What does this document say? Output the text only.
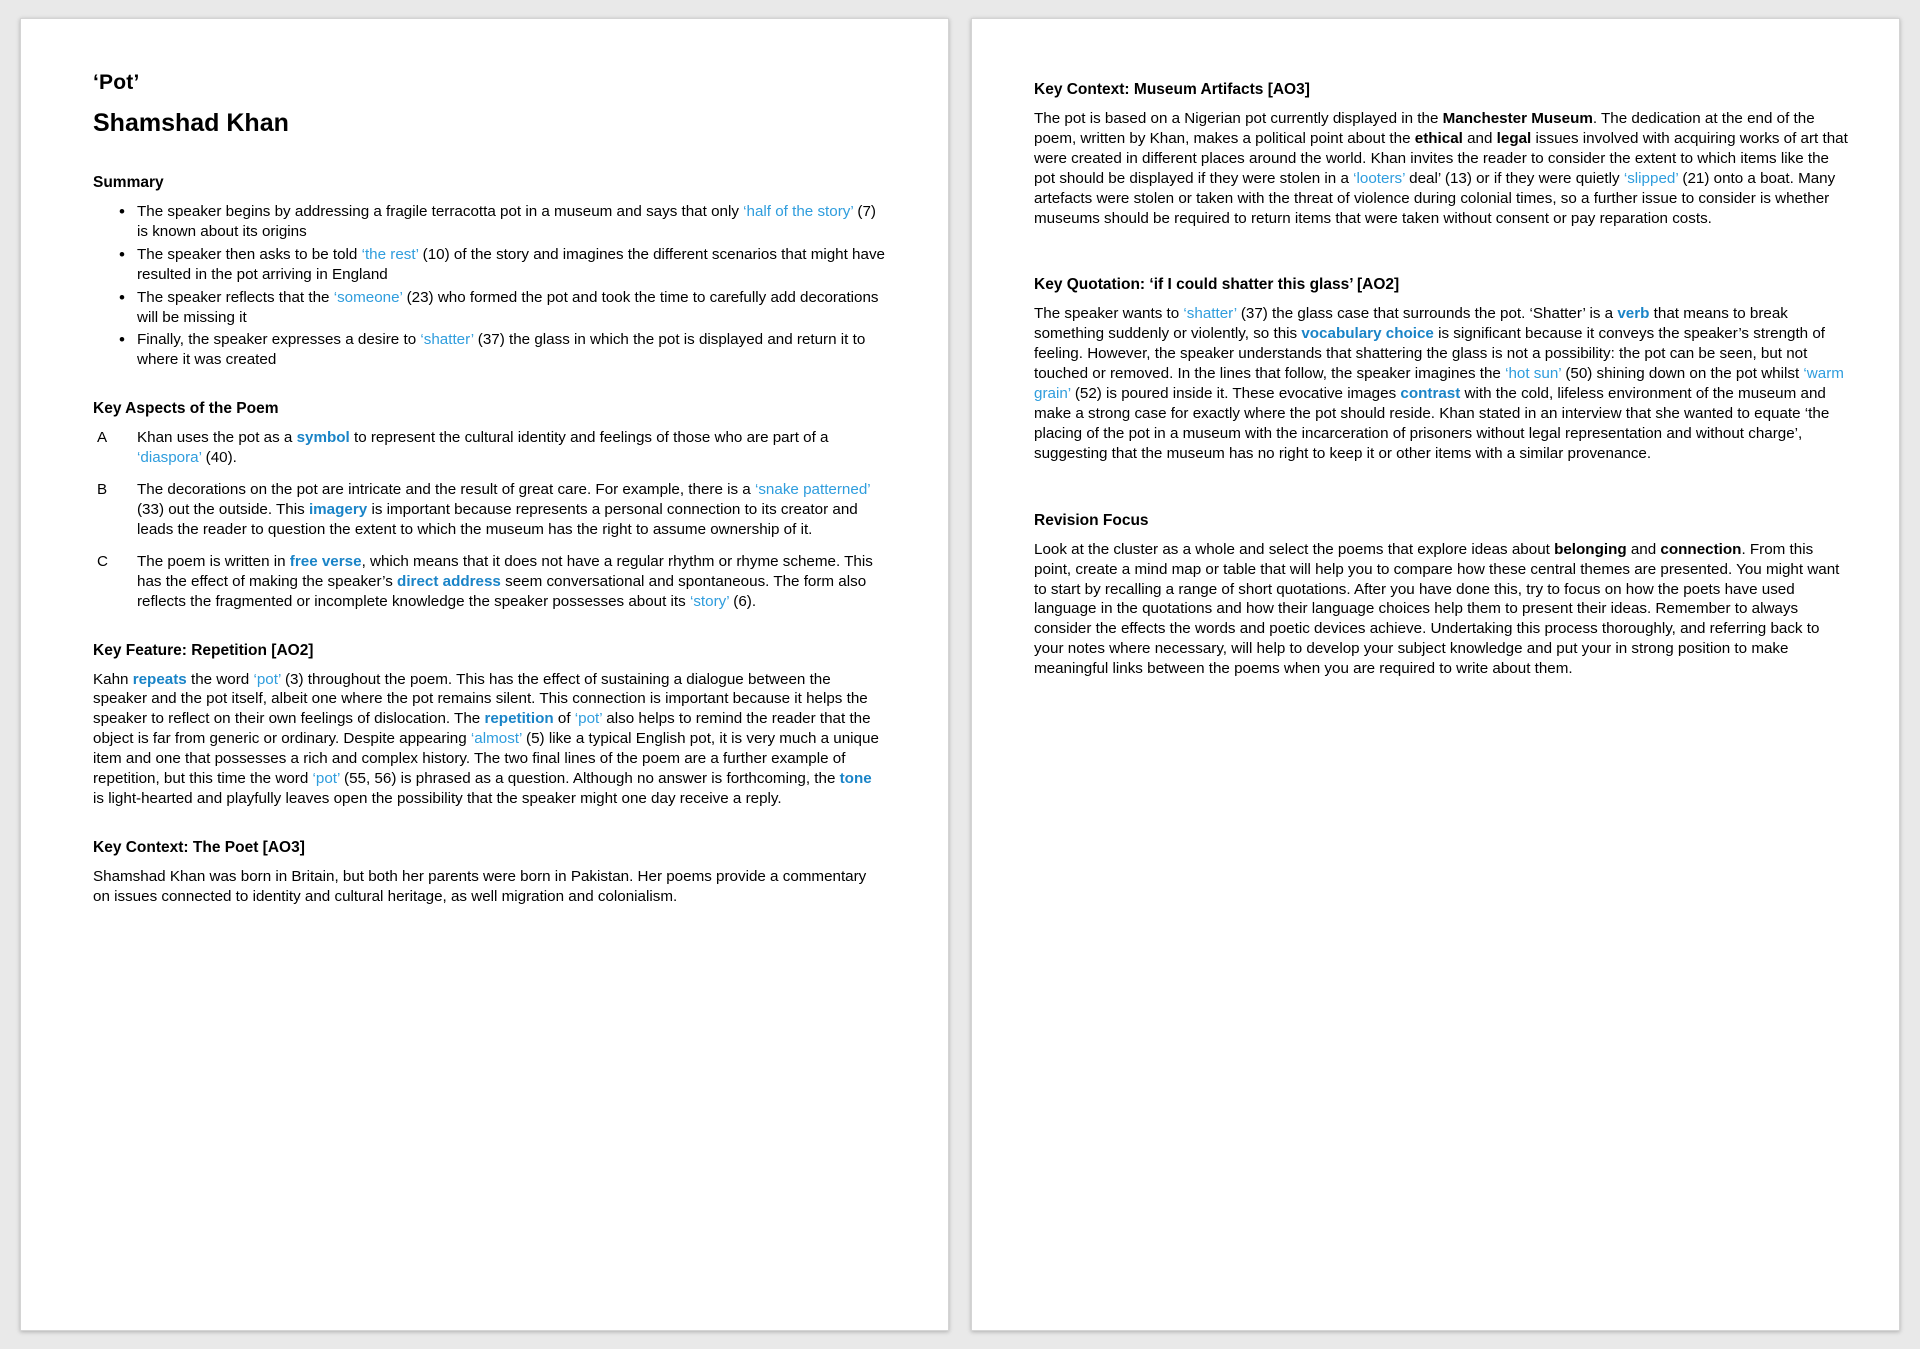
‘Pot’
Shamshad Khan
Summary
• The speaker begins by addressing a fragile terracotta pot in a museum and says that only ‘half of the story’ (7) is known about its origins
• The speaker then asks to be told ‘the rest’ (10) of the story and imagines the different scenarios that might have resulted in the pot arriving in England
• The speaker reflects that the ‘someone’ (23) who formed the pot and took the time to carefully add decorations will be missing it
• Finally, the speaker expresses a desire to ‘shatter’ (37) the glass in which the pot is displayed and return it to where it was created
Key Aspects of the Poem
A Khan uses the pot as a symbol to represent the cultural identity and feelings of those who are part of a ‘diaspora’ (40).
B The decorations on the pot are intricate and the result of great care. For example, there is a ‘snake patterned’ (33) out the outside. This imagery is important because represents a personal connection to its creator and leads the reader to question the extent to which the museum has the right to assume ownership of it.
C The poem is written in free verse, which means that it does not have a regular rhythm or rhyme scheme. This has the effect of making the speaker’s direct address seem conversational and spontaneous. The form also reflects the fragmented or incomplete knowledge the speaker possesses about its ‘story’ (6).
Key Feature: Repetition [AO2]

Kahn repeats the word ‘pot’ (3) throughout the poem. This has the effect of sustaining a dialogue between the speaker and the pot itself, albeit one where the pot remains silent. This connection is important because it helps the speaker to reflect on their own feelings of dislocation. The repetition of ‘pot’ also helps to remind the reader that the object is far from generic or ordinary. Despite appearing ‘almost’ (5) like a typical English pot, it is very much a unique item and one that possesses a rich and complex history. The two final lines of the poem are a further example of repetition, but this time the word ‘pot’ (55, 56) is phrased as a question. Although no answer is forthcoming, the tone is light-hearted and playfully leaves open the possibility that the speaker might one day receive a reply.

Key Context: The Poet [AO3]

Shamshad Khan was born in Britain, but both her parents were born in Pakistan. Her poems provide a commentary on issues connected to identity and cultural heritage, as well migration and colonialism.

Key Context: Museum Artifacts [AO3]

The pot is based on a Nigerian pot currently displayed in the Manchester Museum. The dedication at the end of the poem, written by Khan, makes a political point about the ethical and legal issues involved with acquiring works of art that were created in different places around the world. Khan invites the reader to consider the extent to which items like the pot should be displayed if they were stolen in a ‘looters’ deal’ (13) or if they were quietly ‘slipped’ (21) onto a boat. Many artefacts were stolen or taken with the threat of violence during colonial times, so a further issue to consider is whether museums should be required to return items that were taken without consent or pay reparation costs.

Key Quotation: ‘if I could shatter this glass’ [AO2]

The speaker wants to ‘shatter’ (37) the glass case that surrounds the pot. ‘Shatter’ is a verb that means to break something suddenly or violently, so this vocabulary choice is significant because it conveys the speaker’s strength of feeling. However, the speaker understands that shattering the glass is not a possibility: the pot can be seen, but not touched or removed. In the lines that follow, the speaker imagines the ‘hot sun’ (50) shining down on the pot whilst ‘warm grain’ (52) is poured inside it. These evocative images contrast with the cold, lifeless environment of the museum and make a strong case for exactly where the pot should reside. Khan stated in an interview that she wanted to equate ‘the placing of the pot in a museum with the incarceration of prisoners without legal representation and without charge’, suggesting that the museum has no right to keep it or other items with a similar provenance.

Revision Focus

Look at the cluster as a whole and select the poems that explore ideas about belonging and connection. From this point, create a mind map or table that will help you to compare how these central themes are presented. You might want to start by recalling a range of short quotations. After you have done this, try to focus on how the poets have used language in the quotations and how their language choices help them to present their ideas. Remember to always consider the effects the words and poetic devices achieve. Undertaking this process thoroughly, and referring back to your notes where necessary, will help to develop your subject knowledge and put your in strong position to make meaningful links between the poems when you are required to write about them.
